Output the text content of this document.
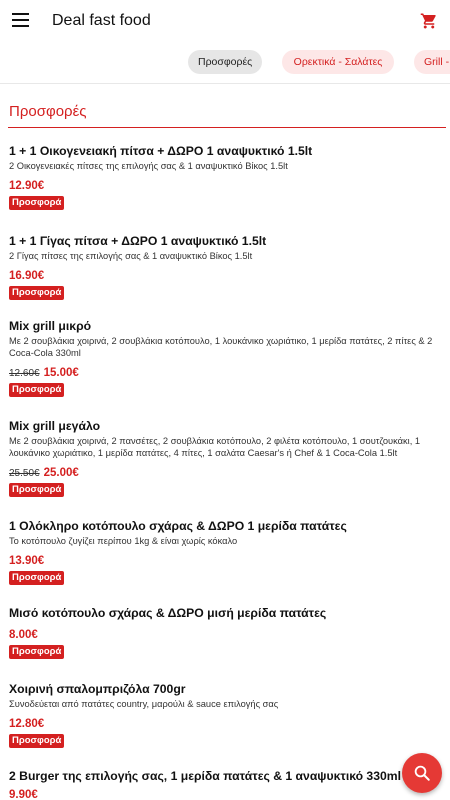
Deal fast food
Προσφορές	Ορεκτικά - Σαλάτες	Grill -
Προσφορές
1 + 1 Οικογενειακή πίτσα + ΔΩΡΟ 1 αναψυκτικό 1.5lt
2 Οικογενειακές πίτσες της επιλογής σας & 1 αναψυκτικό Βίκος 1.5lt
12.90€
Προσφορά
1 + 1 Γίγας πίτσα + ΔΩΡΟ 1 αναψυκτικό 1.5lt
2 Γίγας πίτσες της επιλογής σας & 1 αναψυκτικό Βίκος 1.5lt
16.90€
Προσφορά
Mix grill μικρό
Με 2 σουβλάκια χοιρινά, 2 σουβλάκια κοτόπουλο, 1 λουκάνικο χωριάτικο, 1 μερίδα πατάτες, 2 πίτες & 2 Coca-Cola 330ml
12.60€ 15.00€
Προσφορά
Mix grill μεγάλο
Με 2 σουβλάκια χοιρινά, 2 πανσέτες, 2 σουβλάκια κοτόπουλο, 2 φιλέτα κοτόπουλο, 1 σουτζουκάκι, 1 λουκάνικο χωριάτικο, 1 μερίδα πατάτες, 4 πίτες, 1 σαλάτα Caesar's ή Chef & 1 Coca-Cola 1.5lt
25.50€ 25.00€
Προσφορά
1 Ολόκληρο κοτόπουλο σχάρας & ΔΩΡΟ 1 μερίδα πατάτες
Το κοτόπουλο ζυγίζει περίπου 1kg & είναι χωρίς κόκαλο
13.90€
Προσφορά
Μισό κοτόπουλο σχάρας & ΔΩΡΟ μισή μερίδα πατάτες
8.00€
Προσφορά
Χοιρινή σπαλομπριζόλα 700gr
Συνοδεύεται από πατάτες country, μαρούλι & sauce επιλογής σας
12.80€
Προσφορά
2 Burger της επιλογής σας, 1 μερίδα πατάτες & 1 αναψυκτικό 330ml
9.90€
